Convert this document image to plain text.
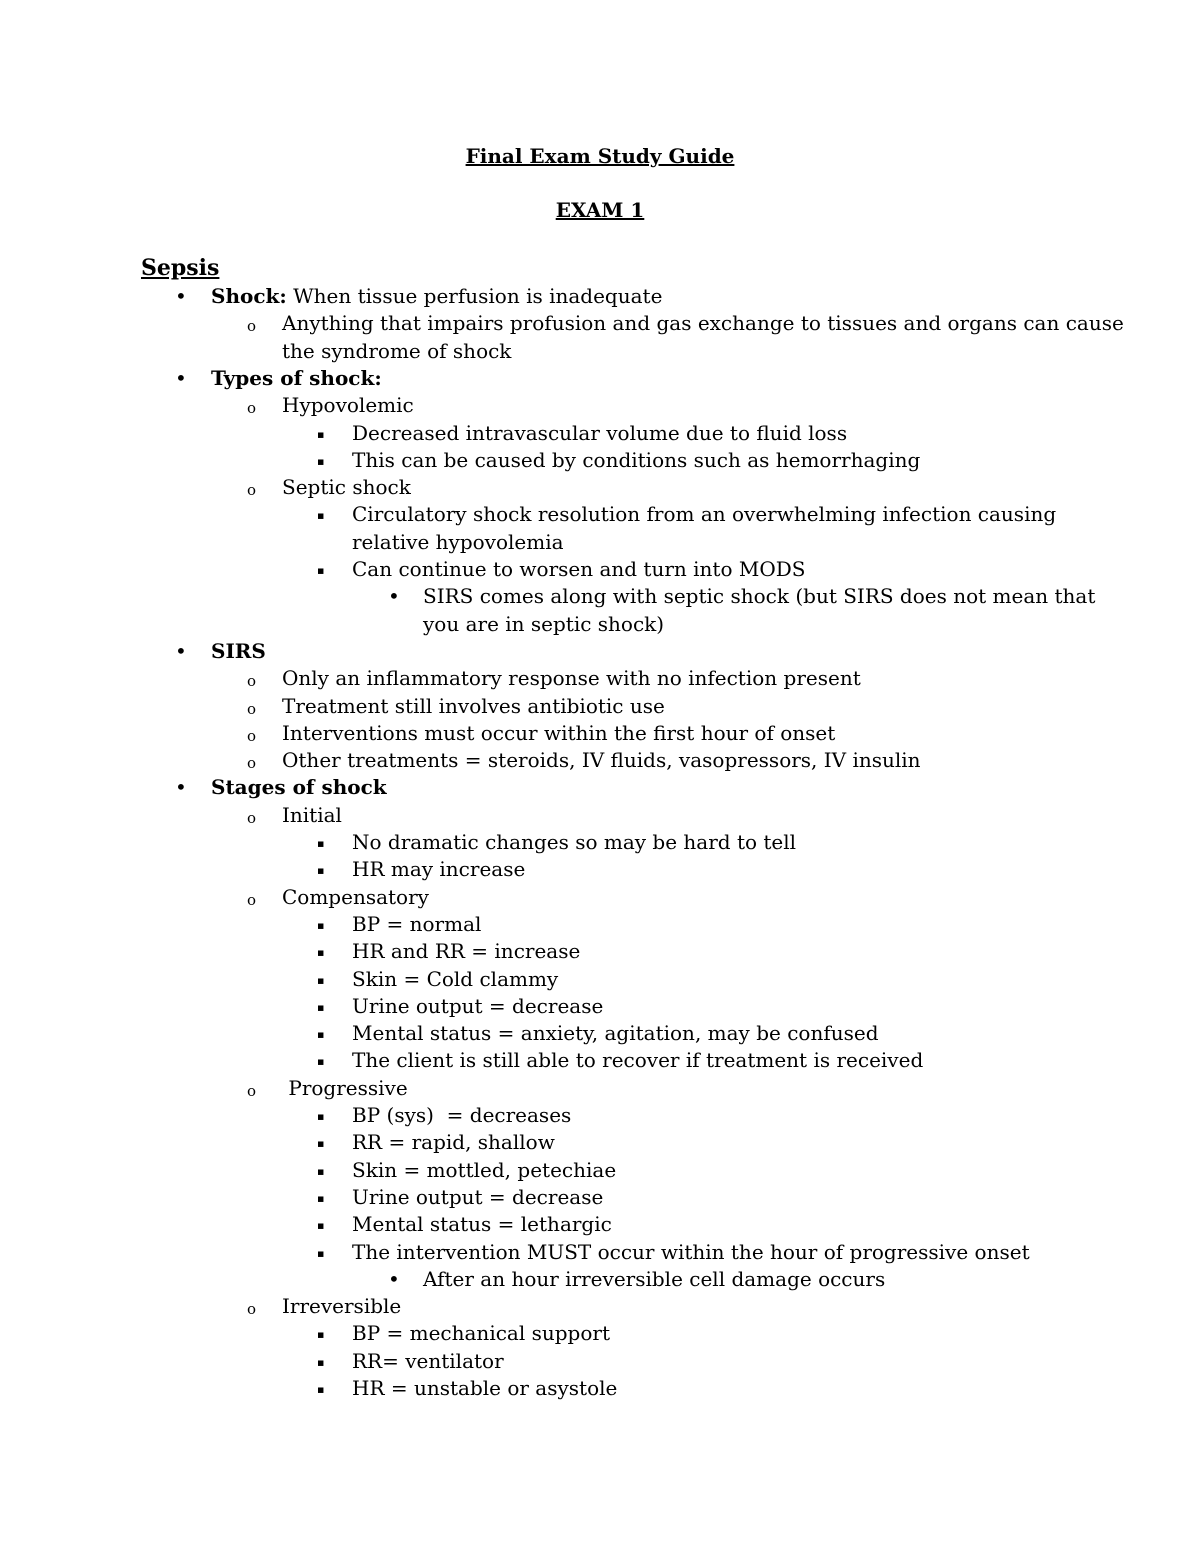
Final Exam Study Guide
EXAM 1
Sepsis
• Shock: When tissue perfusion is inadequate
o Anything that impairs profusion and gas exchange to tissues and organs can cause
the syndrome of shock
• Types of shock:
o Hypovolemic
▪ Decreased intravascular volume due to fluid loss
▪ This can be caused by conditions such as hemorrhaging
o Septic shock
▪ Circulatory shock resolution from an overwhelming infection causing
relative hypovolemia
▪ Can continue to worsen and turn into MODS
• SIRS comes along with septic shock (but SIRS does not mean that
you are in septic shock)
• SIRS
o Only an inflammatory response with no infection present
o Treatment still involves antibiotic use
o Interventions must occur within the first hour of onset
o Other treatments = steroids, IV fluids, vasopressors, IV insulin
• Stages of shock
o Initial
▪ No dramatic changes so may be hard to tell
▪ HR may increase
o Compensatory
▪ BP = normal
▪ HR and RR = increase
▪ Skin = Cold clammy
▪ Urine output = decrease
▪ Mental status = anxiety, agitation, may be confused
▪ The client is still able to recover if treatment is received
o Progressive
▪ BP (sys)  = decreases
▪ RR = rapid, shallow
▪ Skin = mottled, petechiae
▪ Urine output = decrease
▪ Mental status = lethargic
▪ The intervention MUST occur within the hour of progressive onset
• After an hour irreversible cell damage occurs
o Irreversible
▪ BP = mechanical support
▪ RR= ventilator
▪ HR = unstable or asystole
